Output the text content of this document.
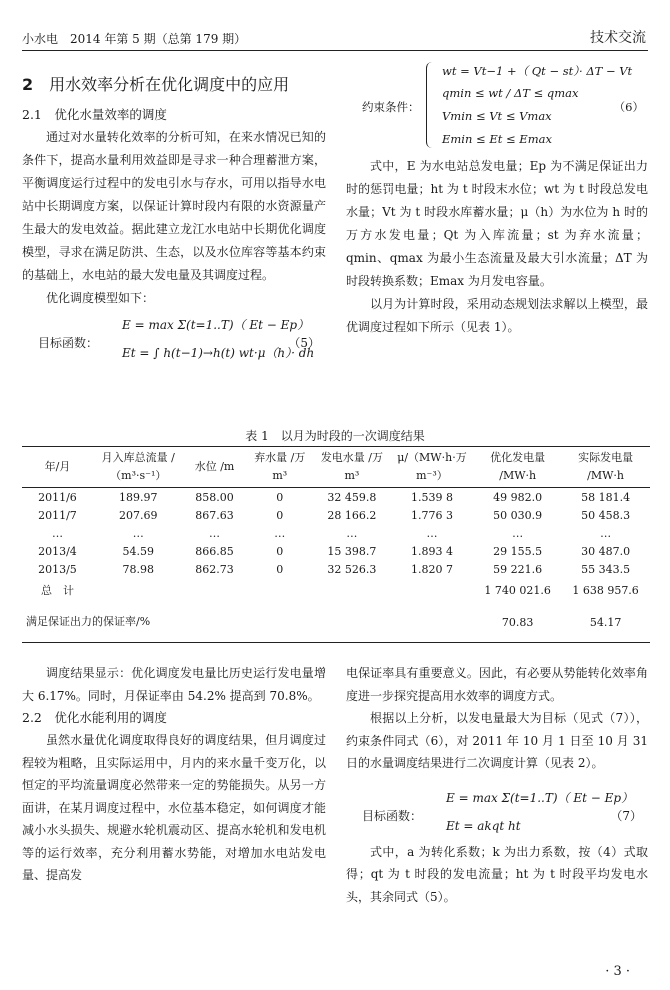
小水电　2014 年第 5 期（总第 179 期）	技术交流
2　 用水效率分析在优化调度中的应用
2.1　优化水量效率的调度

通过对水量转化效率的分析可知，在来水情况已知的条件下，提高水量利用效益即是寻求一种合理蓄泄方案，平衡调度运行过程中的发电引水与存水，可用以指导水电站中长期调度方案，以保证计算时段内有限的水资源量产生最大的发电效益。据此建立龙江水电站中长期优化调度模型，寻求在满足防洪、生态，以及水位库容等基本约束的基础上，水电站的最大发电量及其调度过程。

优化调度模型如下：

目标函数：
E = max Σ(t=1..T)（ Et − Ep）
Et = ∫ h(t−1)→h(t) wt·μ（h）· dh
（5）
约束条件：
wt = Vt−1 +（ Qt − st）· ΔT − Vt
qmin ≤ wt / ΔT ≤ qmax
Vmin ≤ Vt ≤ Vmax
Emin ≤ Et ≤ Emax
（6）

式中，E 为水电站总发电量；Ep 为不满足保证出力时的惩罚电量；ht 为 t 时段末水位；wt 为 t 时段总发电水量；Vt 为 t 时段水库蓄水量；μ（h）为水位为 h 时的万方水发电量；Qt 为入库流量；st 为弃水流量；qmin、qmax 为最小生态流量及最大引水流量；ΔT 为时段转换系数；Emax 为月发电容量。

以月为计算时段，采用动态规划法求解以上模型，最优调度过程如下所示（见表 1）。

表 1　以月为时段的一次调度结果
年/月	月入库总流量 /（m³·s⁻¹）	水位 /m	弃水量 /万 m³	发电水量 /万 m³	μ/（MW·h·万 m⁻³）	优化发电量 /MW·h	实际发电量 /MW·h
2011/6	189.97	858.00	0	32 459.8	1.539 8	49 982.0	58 181.4
2011/7	207.69	867.63	0	28 166.2	1.776 3	50 030.9	50 458.3
…	…	…	…	…	…	…	…
2013/4	54.59	866.85	0	15 398.7	1.893 4	29 155.5	30 487.0
2013/5	78.98	862.73	0	32 526.3	1.820 7	59 221.6	55 343.5
总　计						1 740 021.6	1 638 957.6
满足保证出力的保证率/%						70.83	54.17

调度结果显示：优化调度发电量比历史运行发电量增大 6.17%。同时，月保证率由 54.2% 提高到 70.8%。

2.2　优化水能利用的调度

虽然水量优化调度取得良好的调度结果，但月调度过程较为粗略，且实际运用中，月内的来水量千变万化，以恒定的平均流量调度必然带来一定的势能损失。从另一方面讲，在某月调度过程中，水位基本稳定，如何调度才能减小水头损失、规避水轮机震动区、提高水轮机和发电机等的运行效率，充分利用蓄水势能，对增加水电站发电量、提高发

电保证率具有重要意义。因此，有必要从势能转化效率角度进一步探究提高用水效率的调度方式。

根据以上分析，以发电量最大为目标（见式（7）），约束条件同式（6），对 2011 年 10 月 1 日至 10 月 31 日的水量调度结果进行二次调度计算（见表 2）。

目标函数：
E = max Σ(t=1..T)（ Et − Ep）
Et = akqt ht
（7）

式中，a 为转化系数；k 为出力系数，按（4）式取得；qt 为 t 时段的发电流量；ht 为 t 时段平均发电水头，其余同式（5）。

· 3 ·
